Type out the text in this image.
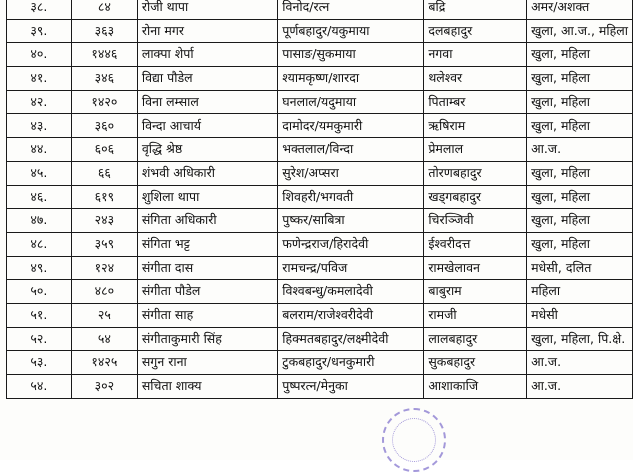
३८.	८४	रोजी थापा	विनोद/रत्न	बद्रि	अमर/अशक्त
३९.	३६३	रोना मगर	पूर्णबहादुर/यकुमाया	दलबहादुर	खुला, आ.ज., महिला
४०.	१४४६	लाक्पा शेर्पा	पासाङ/सुकमाया	नगवा	खुला, महिला
४१.	३४६	विद्या पौडेल	श्यामकृष्ण/शारदा	थलेश्वर	खुला, महिला
४२.	१४२०	विना लम्साल	घनलाल/यदुमाया	पिताम्बर	खुला, महिला
४३.	३६०	विन्दा आचार्य	दामोदर/यमकुमारी	ऋषिराम	खुला, महिला
४४.	६०६	वृद्धि श्रेष्ठ	भक्तलाल/विन्दा	प्रेमलाल	आ.ज.
४५.	६६	शंभवी अधिकारी	सुरेश/अप्सरा	तोरणबहादुर	खुला, महिला
४६.	६१९	शुशिला थापा	शिवहरी/भगवती	खड्गबहादुर	खुला, महिला
४७.	२४३	संगिता अधिकारी	पुष्कर/साबित्रा	चिरञ्जिवी	खुला, महिला
४८.	३५९	संगिता भट्ट	फणेन्द्रराज/हिरादेवी	ईश्वरीदत्त	खुला, महिला
४९.	१२४	संगीता दास	रामचन्द्र/पविज	रामखेलावन	मधेसी, दलित
५०.	४८०	संगीता पौडेल	विश्वबन्धु/कमलादेवी	बाबुराम	महिला
५१.	२५	संगीता साह	बलराम/राजेश्वरीदेवी	रामजी	मधेसी
५२.	५४	संगीताकुमारी सिंह	हिक्मतबहादुर/लक्ष्मीदेवी	लालबहादुर	खुला, महिला, पि.क्षे.
५३.	१४२५	सगुन राना	टुकबहादुर/धनकुमारी	सुकबहादुर	आ.ज.
५४.	३०२	सचिता शाक्य	पुष्परत्न/मेनुका	आशाकाजि	आ.ज.
